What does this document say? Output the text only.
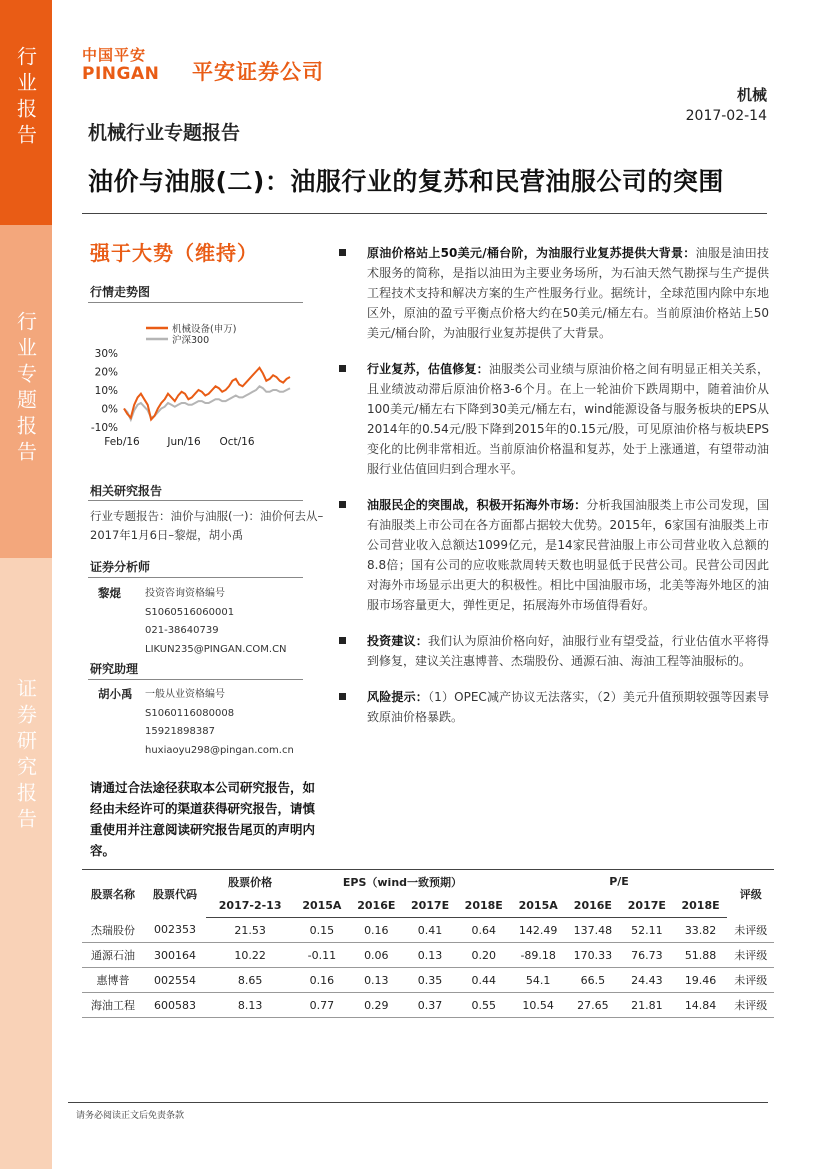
行业报告
行业专题报告
证券研究报告
中国平安
PINGAN 平安证券公司
机械
2017-02-14
机械行业专题报告
油价与油服(二)：油服行业的复苏和民营油服公司的突围
强于大势（维持）
行情走势图
30%
20%
10%
0%
-10%
Feb/16	Jun/16 Oct/16
机械设备(申万)
沪深300
相关研究报告
行业专题报告：油价与油服(一)：油价何去从– 2017年1月6日–黎焜，胡小禹
证券分析师
黎焜 投资咨询资格编号
S1060516060001
021-38640739
LIKUN235@PINGAN.COM.CN
研究助理
胡小禹 一般从业资格编号
S1060116080008
15921898387
huxiaoyu298@pingan.com.cn
请通过合法途径获取本公司研究报告，如经由未经许可的渠道获得研究报告，请慎重使用并注意阅读研究报告尾页的声明内容。
原油价格站上50美元/桶台阶，为油服行业复苏提供大背景：油服是油田技术服务的简称，是指以油田为主要业务场所，为石油天然气勘探与生产提供工程技术支持和解决方案的生产性服务行业。据统计，全球范围内除中东地区外，原油的盈亏平衡点价格大约在50美元/桶左右。当前原油价格站上50美元/桶台阶，为油服行业复苏提供了大背景。
行业复苏，估值修复：油服类公司业绩与原油价格之间有明显正相关关系，且业绩波动滞后原油价格3-6个月。在上一轮油价下跌周期中，随着油价从100美元/桶左右下降到30美元/桶左右，wind能源设备与服务板块的EPS从2014年的0.54元/股下降到2015年的0.15元/股，可见原油价格与板块EPS变化的比例非常相近。当前原油价格温和复苏，处于上涨通道，有望带动油服行业估值回归到合理水平。
油服民企的突围战，积极开拓海外市场：分析我国油服类上市公司发现，国有油服类上市公司在各方面都占据较大优势。2015年，6家国有油服类上市公司营业收入总额达1099亿元，是14家民营油服上市公司营业收入总额的8.8倍；国有公司的应收账款周转天数也明显低于民营公司。民营公司因此对海外市场显示出更大的积极性。相比中国油服市场，北美等海外地区的油服市场容量更大，弹性更足，拓展海外市场值得看好。
投资建议：我们认为原油价格向好，油服行业有望受益，行业估值水平将得到修复，建议关注惠博普、杰瑞股份、通源石油、海油工程等油服标的。
风险提示：（1）OPEC减产协议无法落实，（2）美元升值预期较强等因素导致原油价格暴跌。
股票名称	股票代码	股票价格	EPS（wind一致预期）				P/E				评级
		2017-2-13	2015A	2016E	2017E	2018E	2015A	2016E	2017E	2018E	
杰瑞股份	002353	21.53	0.15	0.16	0.41	0.64	142.49	137.48	52.11	33.82	未评级
通源石油	300164	10.22	-0.11	0.06	0.13	0.20	-89.18	170.33	76.73	51.88	未评级
惠博普	002554	8.65	0.16	0.13	0.35	0.44	54.1	66.5	24.43	19.46	未评级
海油工程	600583	8.13	0.77	0.29	0.37	0.55	10.54	27.65	21.81	14.84	未评级
请务必阅读正文后免责条款
